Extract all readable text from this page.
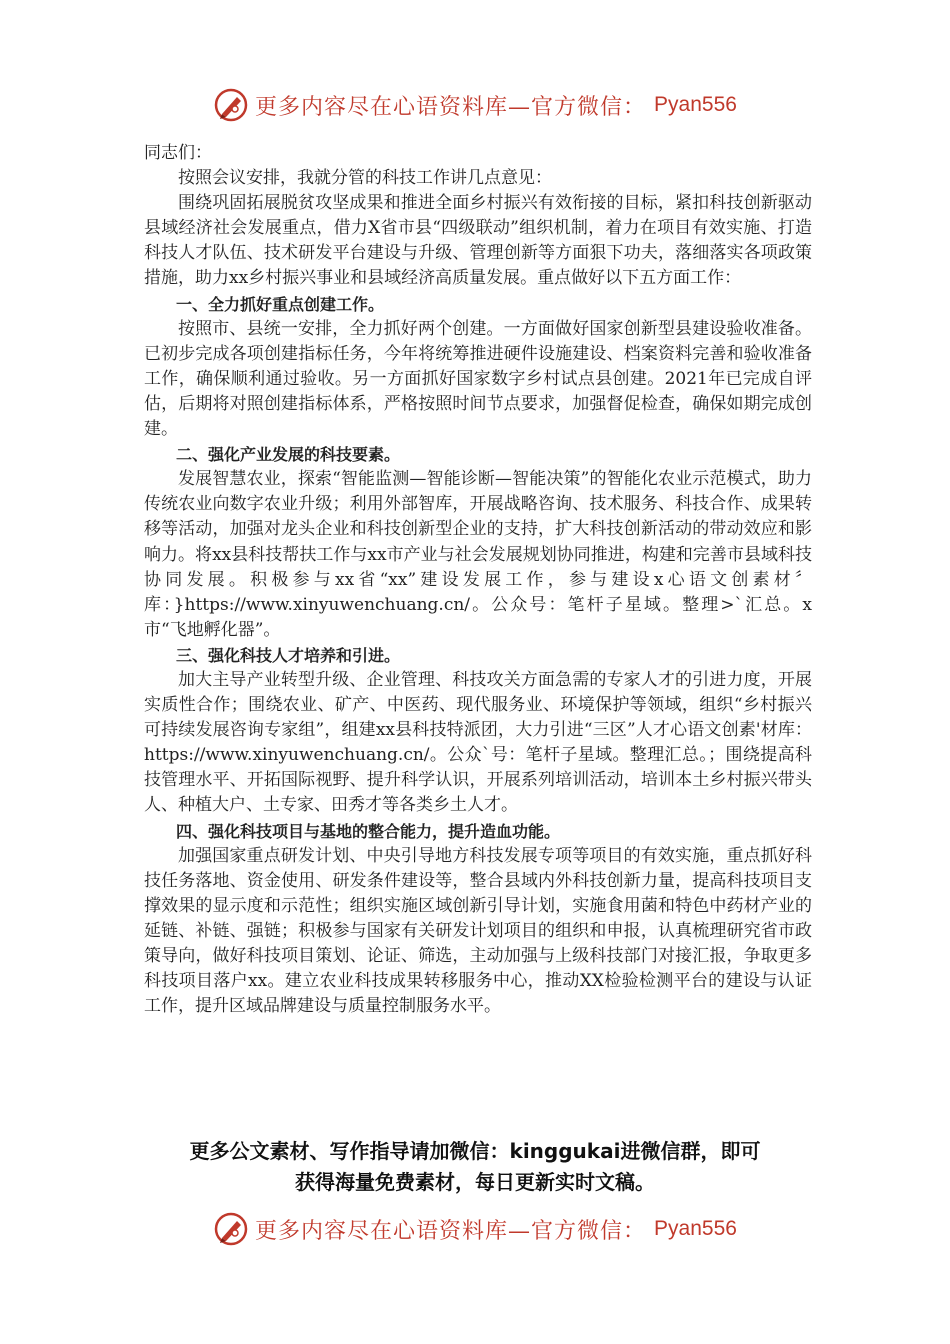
更多内容尽在心语资料库—官方微信： Pyan556

同志们：

按照会议安排，我就分管的科技工作讲几点意见：

围绕巩固拓展脱贫攻坚成果和推进全面乡村振兴有效衔接的目标，紧扣科技创新驱动县域经济社会发展重点，借力X省市县“四级联动”组织机制，着力在项目有效实施、打造科技人才队伍、技术研发平台建设与升级、管理创新等方面狠下功夫，落细落实各项政策措施，助力xx乡村振兴事业和县域经济高质量发展。重点做好以下五方面工作：

一、全力抓好重点创建工作。

按照市、县统一安排，全力抓好两个创建。一方面做好国家创新型县建设验收准备。已初步完成各项创建指标任务，今年将统筹推进硬件设施建设、档案资料完善和验收准备工作，确保顺利通过验收。另一方面抓好国家数字乡村试点县创建。2021年已完成自评估，后期将对照创建指标体系，严格按照时间节点要求，加强督促检查，确保如期完成创建。

二、强化产业发展的科技要素。

发展智慧农业，探索“智能监测—智能诊断—智能决策”的智能化农业示范模式，助力传统农业向数字农业升级；利用外部智库，开展战略咨询、技术服务、科技合作、成果转移等活动，加强对龙头企业和科技创新型企业的支持，扩大科技创新活动的带动效应和影响力。将xx县科技帮扶工作与xx市产业与社会发展规划协同推进，构建和完善市县域科技协同发展。积极参与xx省“xx”建设发展工作，参与建设x心语文创素材〞库：}https://www.xinyuwenchuang.cn/。公众号：笔杆子星域。整理>`汇总。x市“飞地孵化器”。

三、强化科技人才培养和引进。

加大主导产业转型升级、企业管理、科技攻关方面急需的专家人才的引进力度，开展实质性合作；围绕农业、矿产、中医药、现代服务业、环境保护等领域，组织“乡村振兴可持续发展咨询专家组”，组建xx县科技特派团，大力引进“三区”人才心语文创素'材库：https://www.xinyuwenchuang.cn/。公众`号：笔杆子星域。整理汇总。；围绕提高科技管理水平、开拓国际视野、提升科学认识，开展系列培训活动，培训本土乡村振兴带头人、种植大户、土专家、田秀才等各类乡土人才。

四、强化科技项目与基地的整合能力，提升造血功能。

加强国家重点研发计划、中央引导地方科技发展专项等项目的有效实施，重点抓好科技任务落地、资金使用、研发条件建设等，整合县域内外科技创新力量，提高科技项目支撑效果的显示度和示范性；组织实施区域创新引导计划，实施食用菌和特色中药材产业的延链、补链、强链；积极参与国家有关研发计划项目的组织和申报，认真梳理研究省市政策导向，做好科技项目策划、论证、筛选，主动加强与上级科技部门对接汇报，争取更多科技项目落户xx。建立农业科技成果转移服务中心，推动XX检验检测平台的建设与认证工作，提升区域品牌建设与质量控制服务水平。

更多公文素材、写作指导请加微信：kinggukai进微信群，即可
获得海量免费素材，每日更新实时文稿。
更多内容尽在心语资料库—官方微信： Pyan556
